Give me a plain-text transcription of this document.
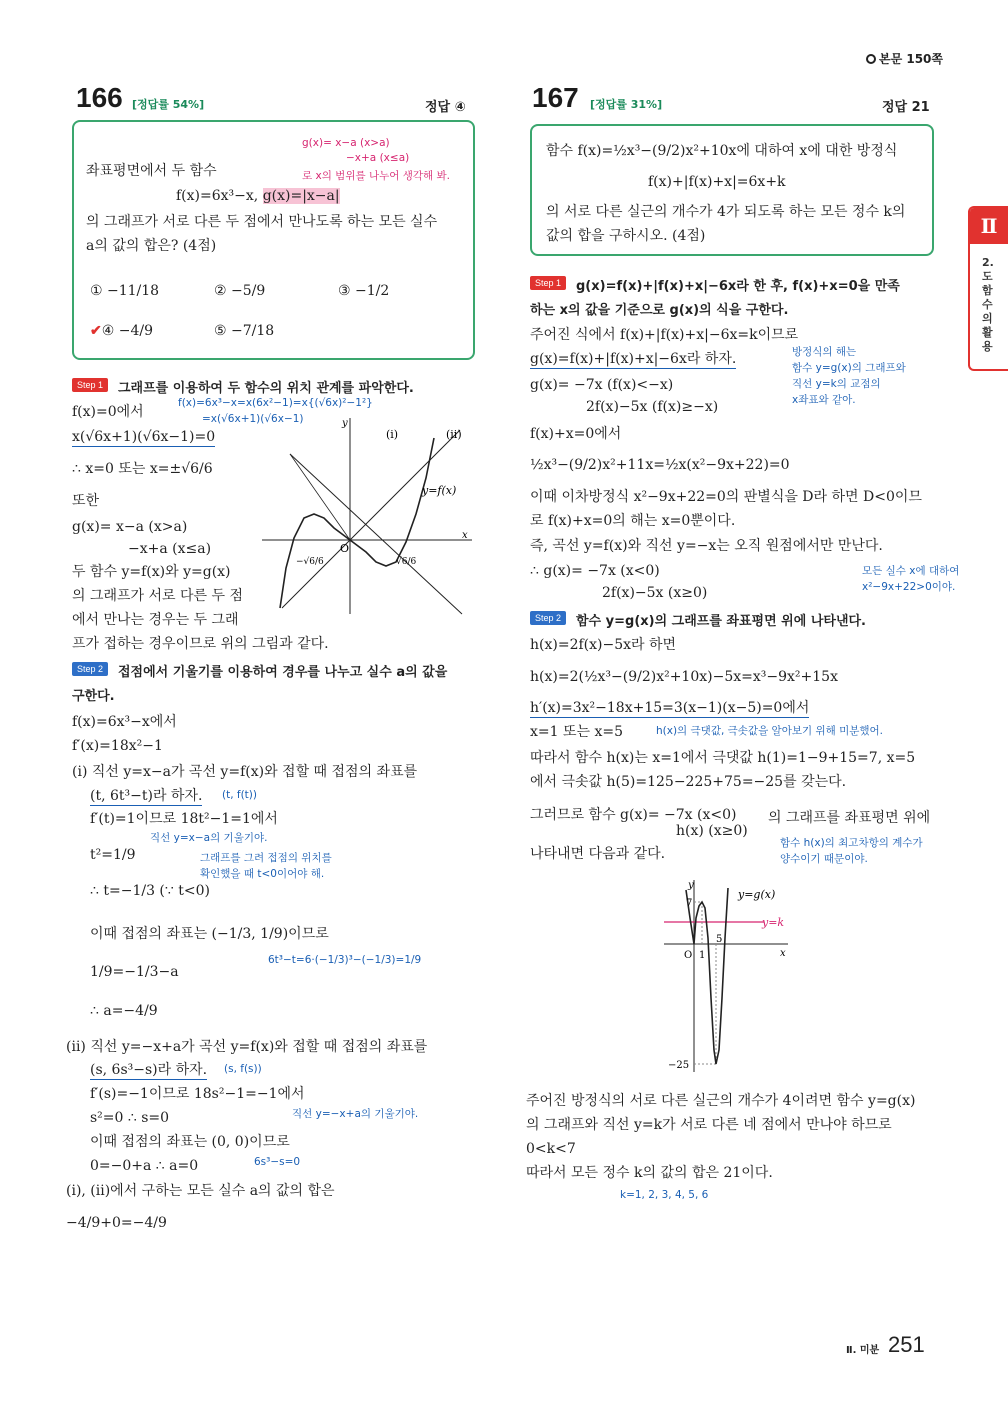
본문 150쪽
Ⅱ
2.도함수의 활용
166 [정답률 54%]	정답 ④
g(x)= x−a (x>a)
−x+a (x≤a)
로 x의 범위를 나누어 생각해 봐.
좌표평면에서 두 함수
f(x)=6x³−x, g(x)=|x−a|
의 그래프가 서로 다른 두 점에서 만나도록 하는 모든 실수
a의 값의 합은? (4점)
① −11/18	② −5/9	③ −1/2
✔④ −4/9	⑤ −7/18
Step 1	그래프를 이용하여 두 함수의 위치 관계를 파악한다.
f(x)=0에서
f(x)=6x³−x=x(6x²−1)=x{(√6x)²−1²}
=x(√6x+1)(√6x−1)
x(√6x+1)(√6x−1)=0
∴ x=0 또는 x=±√6/6
또한
g(x)= x−a (x>a)
−x+a (x≤a)
두 함수 y=f(x)와 y=g(x)
의 그래프가 서로 다른 두 점
에서 만나는 경우는 두 그래
프가 접하는 경우이므로 위의 그림과 같다.
(i)	(ii)
y=f(x)
y
x
O
−√6/6	√6/6
Step 2	접점에서 기울기를 이용하여 경우를 나누고 실수 a의 값을
구한다.
f(x)=6x³−x에서
f′(x)=18x²−1
(ⅰ) 직선 y=x−a가 곡선 y=f(x)와 접할 때 접점의 좌표를
(t, 6t³−t)라 하자. (t, f(t))
f′(t)=1이므로 18t²−1=1에서
직선 y=x−a의 기울기야.
t²=1/9	그래프를 그려 접점의 위치를
확인했을 때 t<0이어야 해.
∴ t=−1/3 (∵ t<0)
이때 접점의 좌표는 (−1/3, 1/9)이므로
6t³−t=6·(−1/3)³−(−1/3)=1/9
1/9=−1/3−a
∴ a=−4/9
(ⅱ) 직선 y=−x+a가 곡선 y=f(x)와 접할 때 접점의 좌표를
(s, 6s³−s)라 하자. (s, f(s))
f′(s)=−1이므로 18s²−1=−1에서
직선 y=−x+a의 기울기야.
s²=0 ∴ s=0
이때 접점의 좌표는 (0, 0)이므로
0=−0+a ∴ a=0	6s³−s=0
(ⅰ), (ⅱ)에서 구하는 모든 실수 a의 값의 합은
−4/9+0=−4/9
167 [정답률 31%]	정답 21
함수 f(x)=½x³−(9/2)x²+10x에 대하여 x에 대한 방정식
f(x)+|f(x)+x|=6x+k
의 서로 다른 실근의 개수가 4가 되도록 하는 모든 정수 k의
값의 합을 구하시오. (4점)
Step 1	g(x)=f(x)+|f(x)+x|−6x라 한 후, f(x)+x=0을 만족
하는 x의 값을 기준으로 g(x)의 식을 구한다.
주어진 식에서 f(x)+|f(x)+x|−6x=k이므로
g(x)=f(x)+|f(x)+x|−6x라 하자.	방정식의 해는
함수 y=g(x)의 그래프와
직선 y=k의 교점의
x좌표와 같아.
g(x)= −7x (f(x)<−x)
2f(x)−5x (f(x)≥−x)
f(x)+x=0에서
½x³−(9/2)x²+11x=½x(x²−9x+22)=0
이때 이차방정식 x²−9x+22=0의 판별식을 D라 하면 D<0이므
로 f(x)+x=0의 해는 x=0뿐이다.
즉, 곡선 y=f(x)와 직선 y=−x는 오직 원점에서만 만난다.
∴ g(x)= −7x (x<0)
2f(x)−5x (x≥0)
모든 실수 x에 대하여
x²−9x+22>0이야.
Step 2	함수 y=g(x)의 그래프를 좌표평면 위에 나타낸다.
h(x)=2f(x)−5x라 하면
h(x)=2(½x³−(9/2)x²+10x)−5x=x³−9x²+15x
h′(x)=3x²−18x+15=3(x−1)(x−5)=0에서
x=1 또는 x=5	h(x)의 극댓값, 극솟값을 알아보기 위해 미분했어.
따라서 함수 h(x)는 x=1에서 극댓값 h(1)=1−9+15=7, x=5
에서 극솟값 h(5)=125−225+75=−25를 갖는다.
그러므로 함수 g(x)= −7x (x<0)
h(x) (x≥0)
의 그래프를 좌표평면 위에
함수 h(x)의 최고차항의 계수가
양수이기 때문이야.
나타내면 다음과 같다.
y=g(x)
y=k
y
x
O 1
5
7
−25
주어진 방정식의 서로 다른 실근의 개수가 4이려면 함수 y=g(x)
의 그래프와 직선 y=k가 서로 다른 네 점에서 만나야 하므로
0<k<7
따라서 모든 정수 k의 값의 합은 21이다.
k=1, 2, 3, 4, 5, 6
Ⅱ. 미분 251
